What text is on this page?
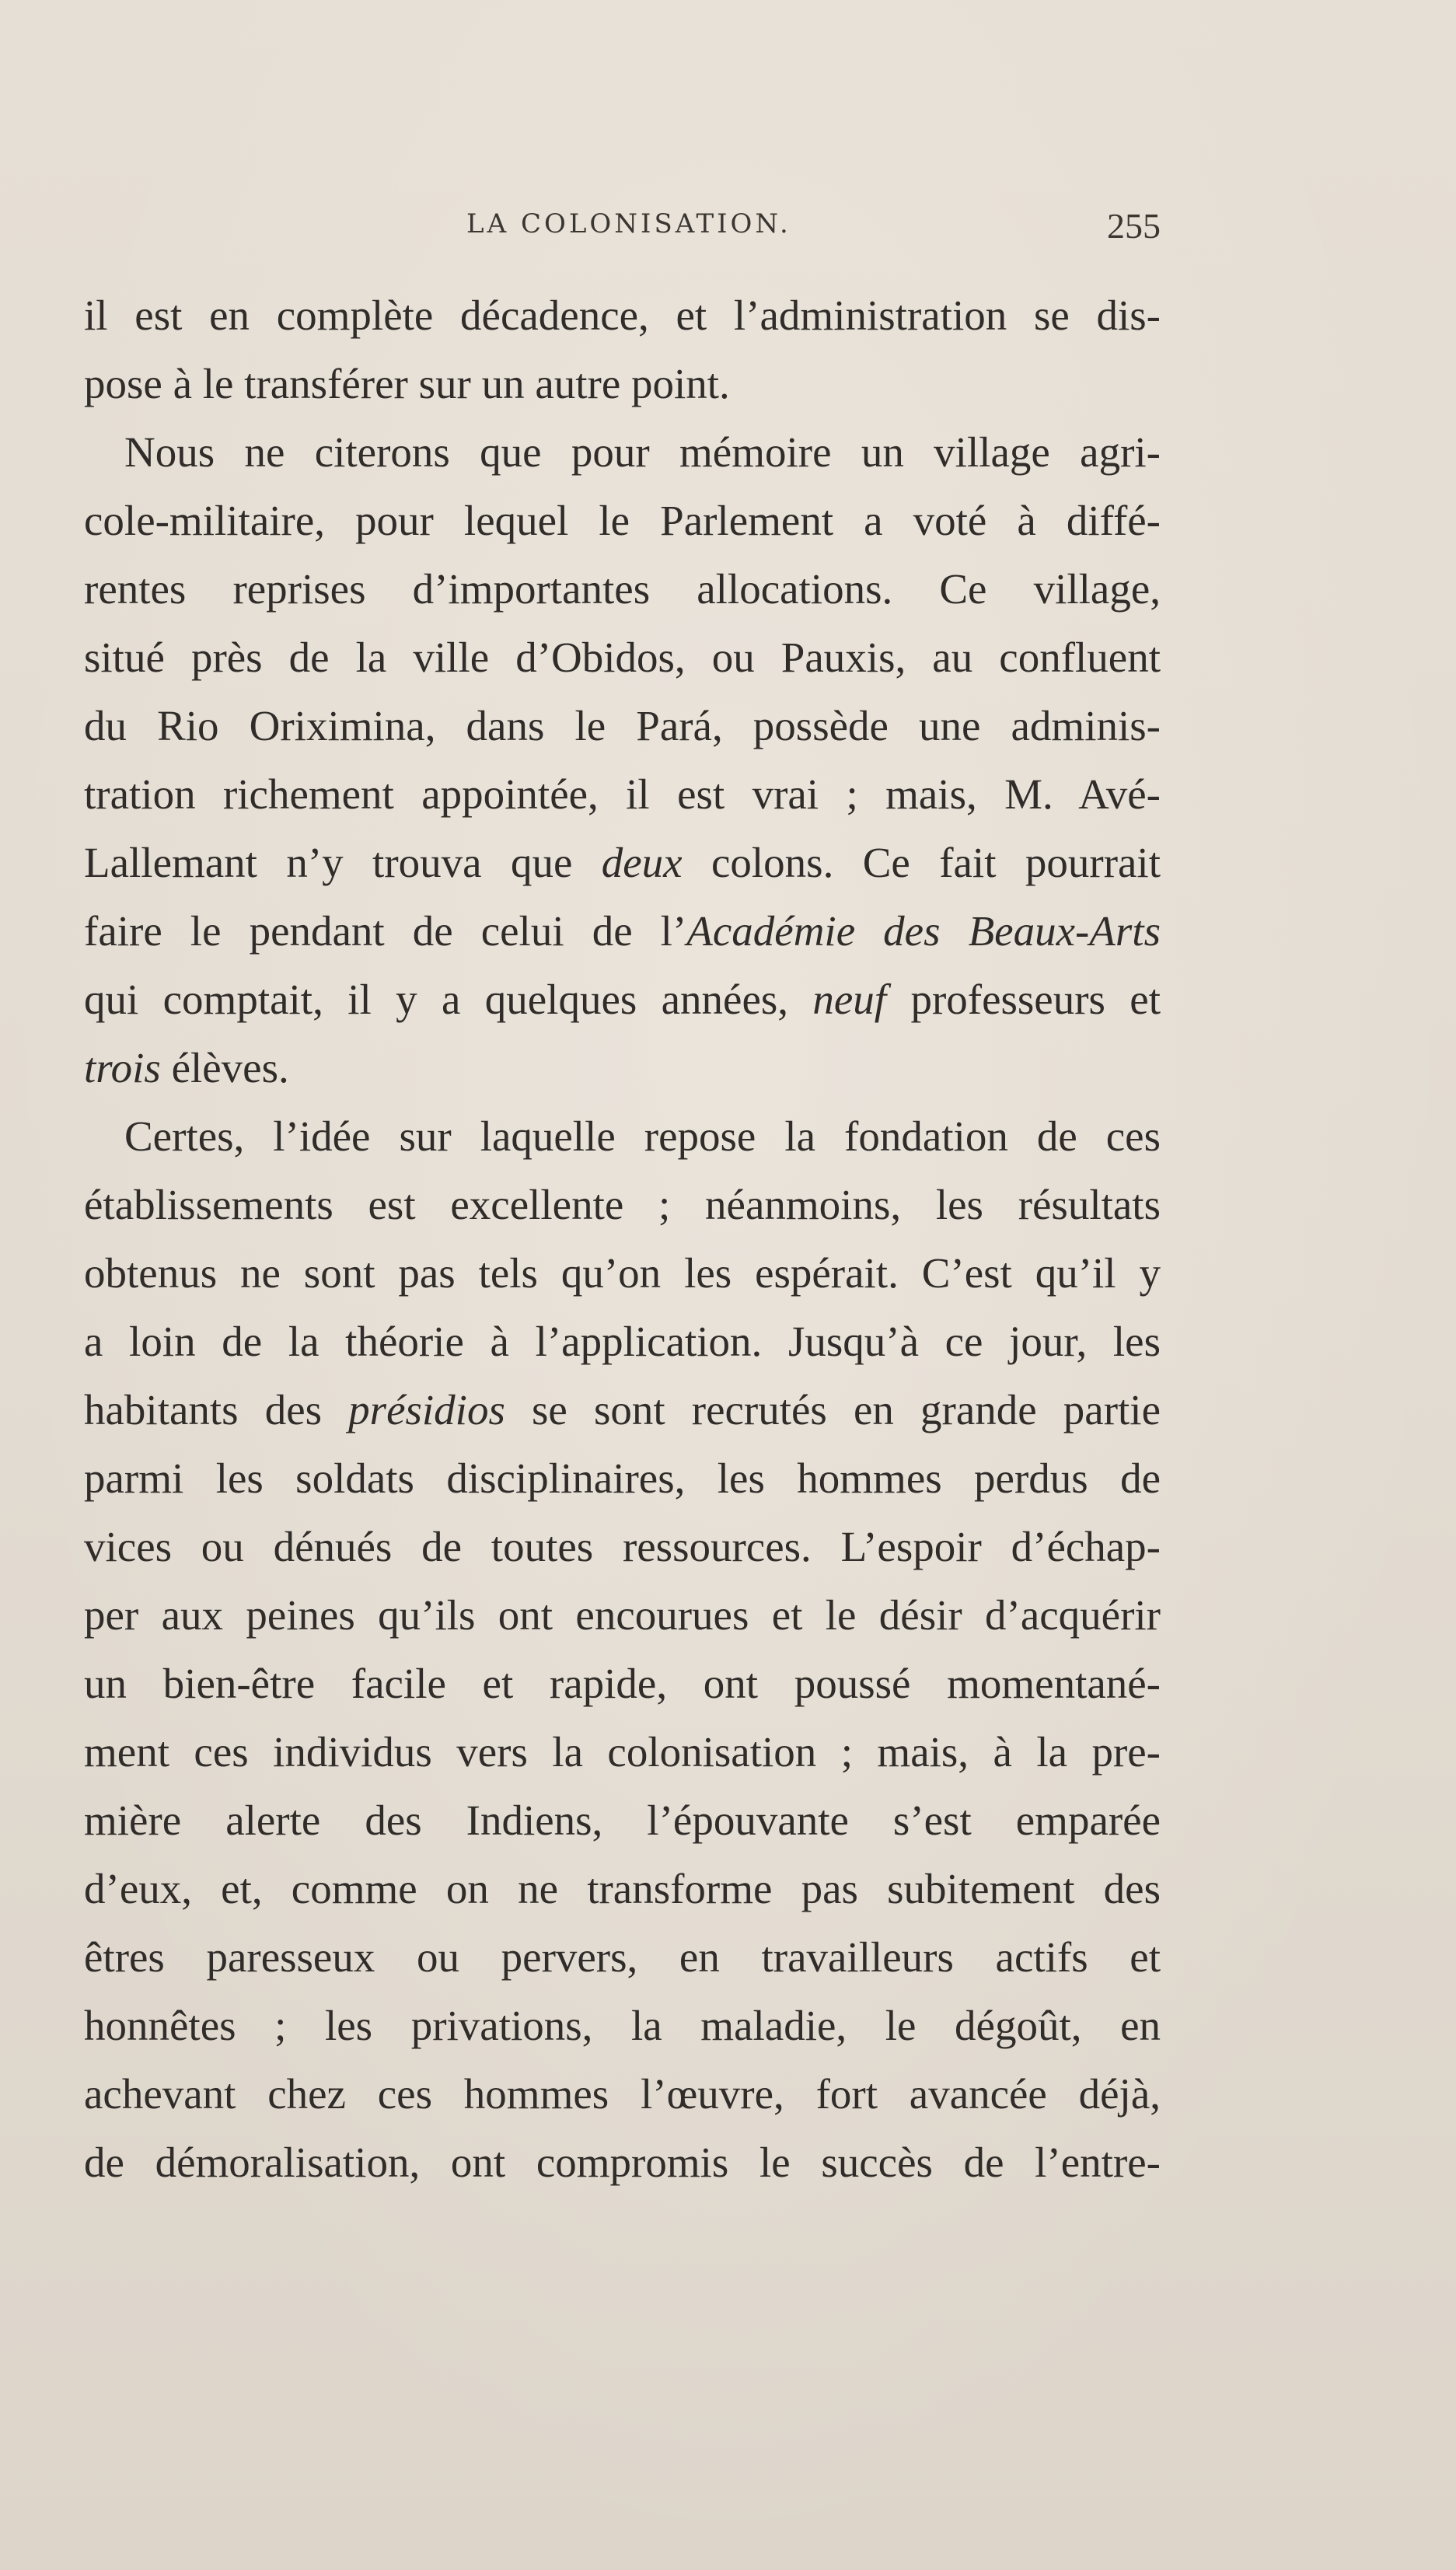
LA COLONISATION.	255
il est en complète décadence, et l’administration se dis-
pose à le transférer sur un autre point.
Nous ne citerons que pour mémoire un village agri-
cole-militaire, pour lequel le Parlement a voté à diffé-
rentes reprises d’importantes allocations. Ce village,
situé près de la ville d’Obidos, ou Pauxis, au confluent
du Rio Oriximina, dans le Pará, possède une adminis-
tration richement appointée, il est vrai ; mais, M. Avé-
Lallemant n’y trouva que deux colons. Ce fait pourrait
faire le pendant de celui de l’Académie des Beaux-Arts
qui comptait, il y a quelques années, neuf professeurs et
trois élèves.
Certes, l’idée sur laquelle repose la fondation de ces
établissements est excellente ; néanmoins, les résultats
obtenus ne sont pas tels qu’on les espérait. C’est qu’il y
a loin de la théorie à l’application. Jusqu’à ce jour, les
habitants des présidios se sont recrutés en grande partie
parmi les soldats disciplinaires, les hommes perdus de
vices ou dénués de toutes ressources. L’espoir d’échap-
per aux peines qu’ils ont encourues et le désir d’acquérir
un bien-être facile et rapide, ont poussé momentané-
ment ces individus vers la colonisation ; mais, à la pre-
mière alerte des Indiens, l’épouvante s’est emparée
d’eux, et, comme on ne transforme pas subitement des
êtres paresseux ou pervers, en travailleurs actifs et
honnêtes ; les privations, la maladie, le dégoût, en
achevant chez ces hommes l’œuvre, fort avancée déjà,
de démoralisation, ont compromis le succès de l’entre-
